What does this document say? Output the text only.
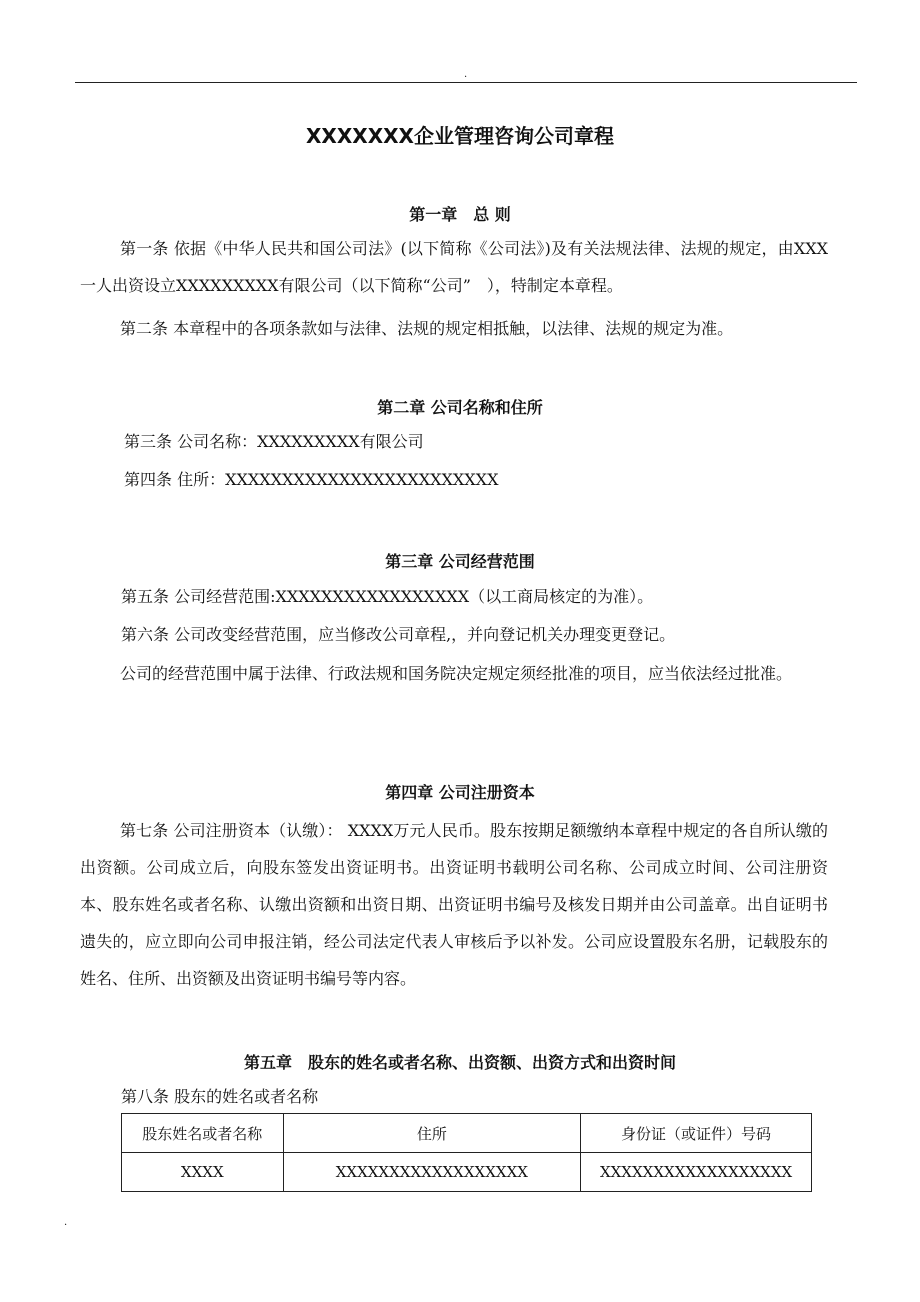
.
XXXXXXX企业管理咨询公司章程
第一章　总 则
第一条 依据《中华人民共和国公司法》(以下简称《公司法》)及有关法规法律、法规的规定，由XXX一人出资设立XXXXXXXXX有限公司（以下简称“公司”　），特制定本章程。
第二条 本章程中的各项条款如与法律、法规的规定相抵触，以法律、法规的规定为准。
第二章 公司名称和住所
第三条 公司名称：XXXXXXXXX有限公司
第四条 住所：XXXXXXXXXXXXXXXXXXXXXXXX
第三章 公司经营范围
第五条 公司经营范围:XXXXXXXXXXXXXXXXX（以工商局核定的为准）。
第六条 公司改变经营范围，应当修改公司章程,，并向登记机关办理变更登记。
公司的经营范围中属于法律、行政法规和国务院决定规定须经批准的项目，应当依法经过批准。
第四章 公司注册资本
第七条 公司注册资本（认缴）： XXXX万元人民币。股东按期足额缴纳本章程中规定的各自所认缴的出资额。公司成立后，向股东签发出资证明书。出资证明书载明公司名称、公司成立时间、公司注册资本、股东姓名或者名称、认缴出资额和出资日期、出资证明书编号及核发日期并由公司盖章。出自证明书遗失的，应立即向公司申报注销，经公司法定代表人审核后予以补发。公司应设置股东名册，记载股东的姓名、住所、出资额及出资证明书编号等内容。
第五章　股东的姓名或者名称、出资额、出资方式和出资时间
第八条 股东的姓名或者名称
股东姓名或者名称	住所	身份证（或证件）号码
XXXX	XXXXXXXXXXXXXXXXXX	XXXXXXXXXXXXXXXXXX
.
